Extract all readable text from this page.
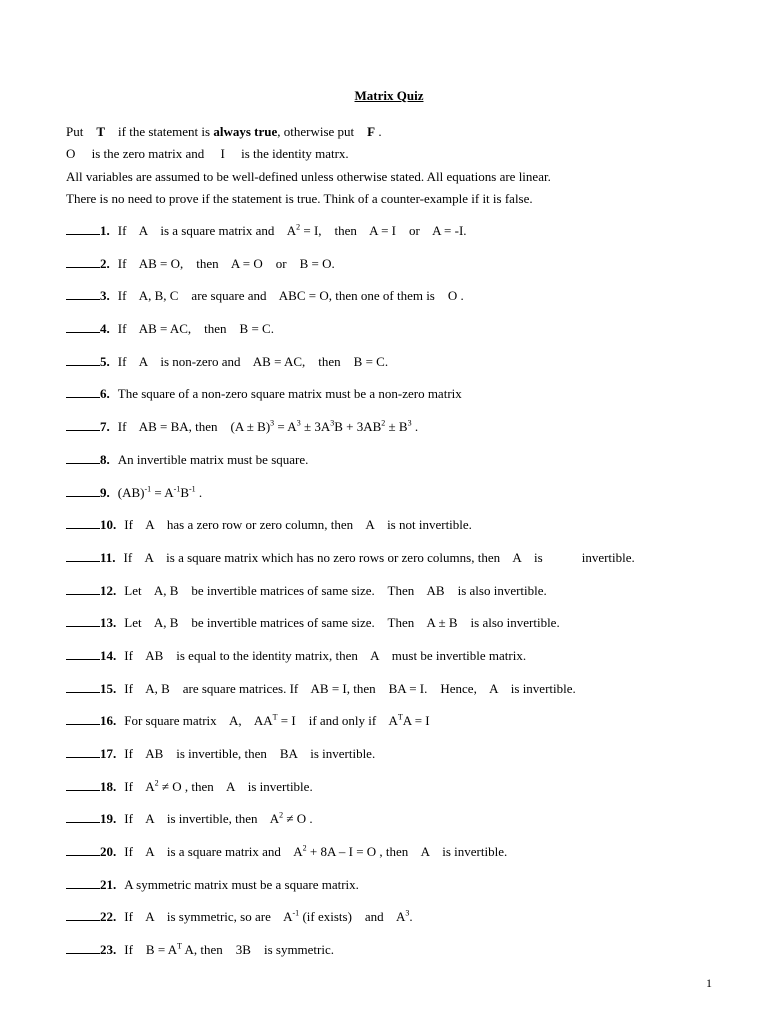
Matrix Quiz
Put    T    if the statement is always true, otherwise put    F .
O     is the zero matrix and     I     is the identity matrx.
All variables are assumed to be well-defined unless otherwise stated. All equations are linear.
There is no need to prove if the statement is true. Think of a counter-example if it is false.
1. If    A    is a square matrix and    $A^2 = I$,    then    A = I    or    A = -I.
2. If    AB = O,    then    A = O    or    B = O.
3. If    A, B, C    are square and    ABC = O, then one of them is    O .
4. If    AB = AC,    then    B = C.
5. If    A    is non-zero and    AB = AC,    then    B = C.
6. The square of a non-zero square matrix must be a non-zero matrix
7. If    AB = BA, then    $(A \pm B)^3 = A^3 \pm 3A^3B + 3AB^2 \pm B^3$ .
8. An invertible matrix must be square.
9. $(AB)^{-1} = A^{-1}B^{-1}$ .
10. If    A    has a zero row or zero column, then    A    is not invertible.
11. If    A    is a square matrix which has no zero rows or zero columns, then    A    is            invertible.
12. Let    A, B    be invertible matrices of same size.    Then    AB    is also invertible.
13. Let    A, B    be invertible matrices of same size.    Then    A ± B    is also invertible.
14. If    AB    is equal to the identity matrix, then    A    must be invertible matrix.
15. If    A, B    are square matrices. If    AB = I, then    BA = I.    Hence,    A    is invertible.
16. For square matrix    A,    $AA^T = I$    if and only if    $A^TA = I$
17. If    AB    is invertible, then    BA    is invertible.
18. If    $A^2 \ne O$ , then    A    is invertible.
19. If    A    is invertible, then    $A^2 \ne O$ .
20. If    A    is a square matrix and    $A^2 + 8A - I = O$ , then    A    is invertible.
21. A symmetric matrix must be a square matrix.
22. If    A    is symmetric, so are    $A^{-1}$ (if exists)    and    $A^3$.
23. If    $B = A^T$ A, then    3B    is symmetric.
1
